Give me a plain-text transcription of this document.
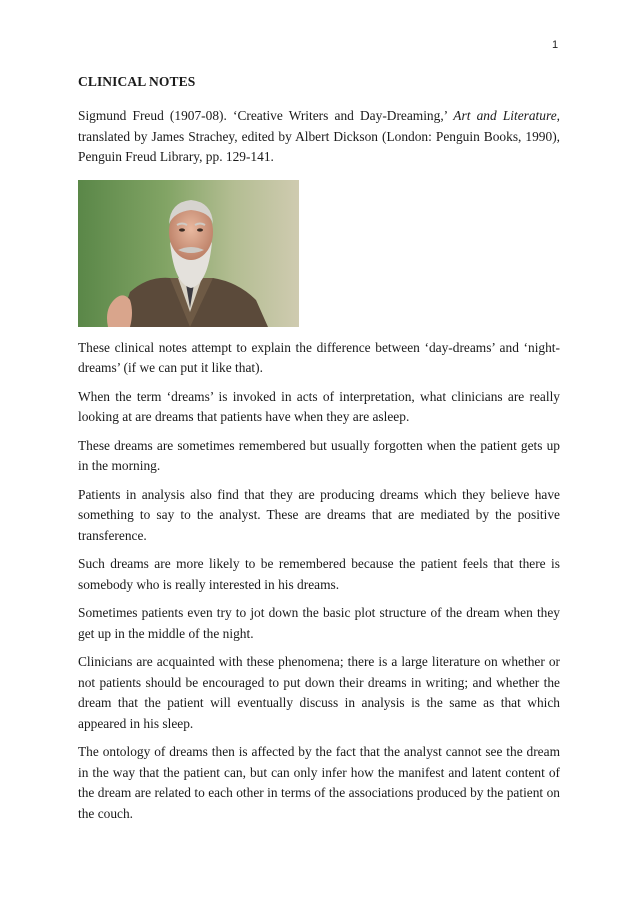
1
CLINICAL NOTES

Sigmund Freud (1907-08). ‘Creative Writers and Day-Dreaming,’ Art and Literature, translated by James Strachey, edited by Albert Dickson (London: Penguin Books, 1990), Penguin Freud Library, pp. 129-141.

These clinical notes attempt to explain the difference between ‘day-dreams’ and ‘night-dreams’ (if we can put it like that).

When the term ‘dreams’ is invoked in acts of interpretation, what clinicians are really looking at are dreams that patients have when they are asleep.

These dreams are sometimes remembered but usually forgotten when the patient gets up in the morning.

Patients in analysis also find that they are producing dreams which they believe have something to say to the analyst. These are dreams that are mediated by the positive transference.

Such dreams are more likely to be remembered because the patient feels that there is somebody who is really interested in his dreams.

Sometimes patients even try to jot down the basic plot structure of the dream when they get up in the middle of the night.

Clinicians are acquainted with these phenomena; there is a large literature on whether or not patients should be encouraged to put down their dreams in writing; and whether the dream that the patient will eventually discuss in analysis is the same as that which appeared in his sleep.

The ontology of dreams then is affected by the fact that the analyst cannot see the dream in the way that the patient can, but can only infer how the manifest and latent content of the dream are related to each other in terms of the associations produced by the patient on the couch.
